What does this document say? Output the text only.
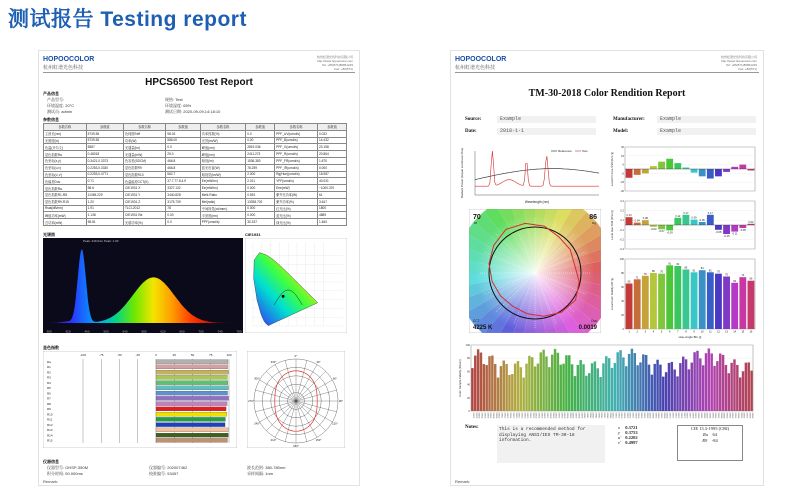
测试报告 Testing report
HOPOOCOLOR
杭州虹谱光色科技
杭州虹谱光色科技有限公司
http://www.hopoocolor.com
Tel: +86(571)86861229
Fax: +86(571)
HPCS6500 Test Report
产品信息
产品型号:
环境温度: 20°C
测试员: admin
规格: Test
环境湿度: 65%
测试日期: 2020-09-09,14:18:10
参数信息
参数名称	参数值	参数名称	参数值	参数名称	参数值	参数名称	参数值
主波长(nm)	5739.55	色纯度Eeff	98.03	功率因数(%)	0.0	PPF_UV(umol/s)	0.032
光照度(lx)	5739.55	功率(W)	586.00	光效(lm/W)	0.00	PPF_B(umol/s)	14.432
色温(开尔文)	5587	光通量(lm)	0.0	峰值(nm)	2819.036	PPF_G(umol/s)	23.158
显色指数Ra	0.48018	光通量(mW)	25.0	峰值(nm)	2411.273	PPF_R(umol/s)	20.864
色坐标(x,y)	0.3421,0.3373	色容差(SDCM)	466.8	暗视(lm)	1536.383	PPF_FR(umol/s)	1.670
色坐标(u,v)	0.2253,0.3330	显色指数R9	466.8	蓝光危害(W)	78.259	PPF_IR(umol/s)	0.000
色坐标(u',v')	0.2253,0.4771	显色指数R13	562.7	暗视觉(lm/W)	2.000	Rg(Hue)(umol/s)	18.987
色偏差Duv	0.71	色温偏差CCT(K)	37.7,77.8,4.9	Ee(mW/m²)	2.011	YPF(umol/s)	40.031
显色指数Ra	98.6	CIE1931 X	3327.132	Ee(mW/m²)	0.000	Eee(mW)	~1000.370
显色指数R1-R8	11065.229	CIE1931 Y	3440.828	Melk Ratio	0.592	紫外光功率(W)	61
显色指数R9-R15	1.20	CIE1931 Z	3175.739	Mel(ratio)	13398.702	紫外功率(%)	3.647
Rsat(dB/nm)	1.91	TLCI-2012	78	中间视觉(cd/mm²)	0.000	红光比(%)	1800
峰值功率(mW)	1.138	CIE1931 Ra	0.00	半宽度(nm)	0.000	蓝光比(%)	4889
总功率(mW)	98.81	光谱功率(%)	0.0	PPF(umol/s)	30.337	绿光比(%)	1.460
光谱图
380	420	460	500	540	580	620	660	700	740	780
Peak: 449.0nm Peak: 1.00
CIE1931
显色指数
-100	-75	-50	-25	0	25	50	75	100
Ra
R1
R2
R3
R4
R5
R6
R7
R8
R9
R10
R11
R12
R13
R14
R15
0°
30°
60°
90°
120°
150°
180°
210°
240°
270°
300°
330°
仪器信息
仪器型号: OHSP-350M
积分时间: 50.000ms
仪器编号: 202007462
校准编号: 53457
波长范围: 380-780nm
采样间隔: 1nm
Remark:
HOPOOCOLOR
杭州虹谱光色科技
杭州虹谱光色科技有限公司
http://www.hopoocolor.com
Tel: +86(571)86861229
Fax: +86(571)
TM-30-2018 Color Rendition Report
Source:	Example	Manufacturer:	Example
Date:	2018-1-1	Model:	Example
Reference	Test
Wavelength (nm)
Radiant Power (Equal Luminous Flux)
70
Rf
86
Rg
CCT
4225 K
Duv
0.0019
-30
-18
-6
6
18
30
Local Chroma Shift (Rcs,hj)
-0.4
-0.2
-0.1
0.1
0.2
0.4
0.13
0.04
0.08
-0.03
-0.07 -0.09
0.12
0.17
0.09
0.05
0.17
-0.08
-0.15
-0.11
-0.05
0.02
Local Hue Shift (Rhs,hj)
0
20
40
60
80
100
65
1
71
2
76
3
80
4
79
5
91
6
90
7
85
8
81
9
84
10
81
11
79
12
75
13
66
14
74
15
69
16
Local Color Fidelity (Rf,hj)
Hue-Angle Bin (j)
100
80
60
40
20
0
CES01 CES02 CES03 CES04 CES05 CES06 CES07 CES08 CES09 CES10 CES11 CES12 CES13 CES14 CES15 CES16 CES17 CES18 CES19 CES20 CES21 CES22 CES23 CES24 CES25 CES26 CES27 CES28 CES29 CES30 CES31 CES32 CES33 CES34 CES35 CES36 CES37 CES38 CES39 CES40 CES41 CES42 CES43 CES44 CES45 CES46 CES47 CES48 CES49 CES50 CES51 CES52 CES53 CES54 CES55 CES56 CES57 CES58 CES59 CES60 CES61 CES62 CES63 CES64 CES65 CES66 CES67 CES68 CES69 CES70 CES71 CES72 CES73 CES74 CES75 CES76 CES77 CES78 CES79 CES80 CES81 CES82 CES83 CES84 CES85 CES86 CES87 CES88 CES89 CES90 CES91 CES92 CES93 CES94 CES95 CES96 CES97 CES98 CES99
Color Sample Fidelity (Rf,ces)
Notes:	This is a recommended method for displaying ANSI/IES TM-30-18 information.
x	0.3721
y	0.3753
u'	0.2202
v'	0.4997
CIE 13.3-1995 (CRI)
Ra 64
R9 -84
Remark:
